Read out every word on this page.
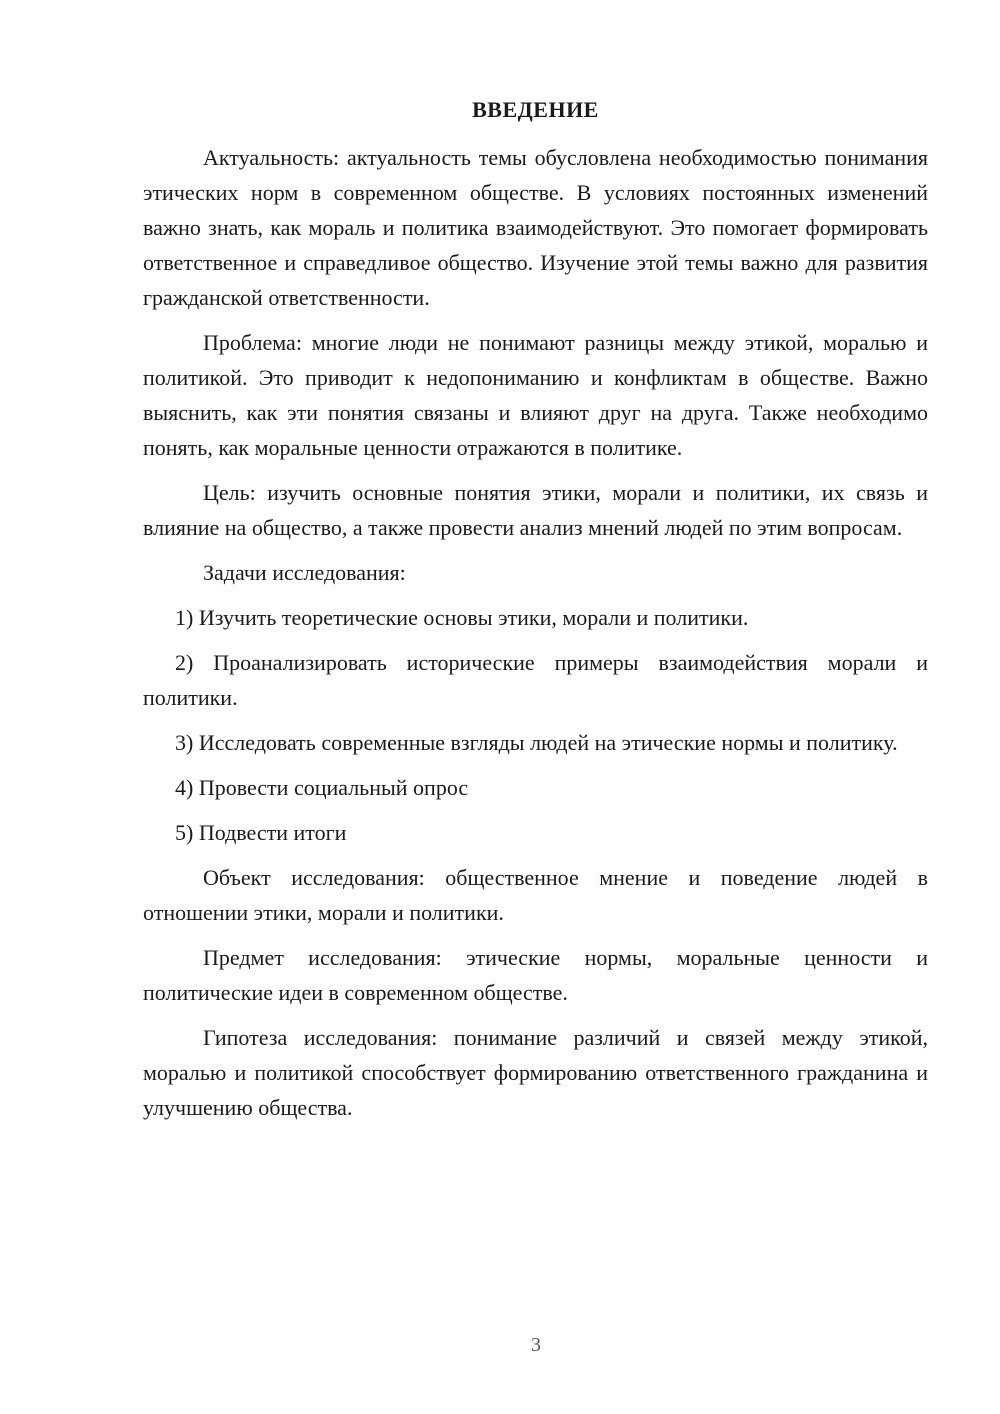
ВВЕДЕНИЕ

Актуальность: актуальность темы обусловлена необходимостью понимания этических норм в современном обществе. В условиях постоянных изменений важно знать, как мораль и политика взаимодействуют. Это помогает формировать ответственное и справедливое общество. Изучение этой темы важно для развития гражданской ответственности.

Проблема: многие люди не понимают разницы между этикой, моралью и политикой. Это приводит к недопониманию и конфликтам в обществе. Важно выяснить, как эти понятия связаны и влияют друг на друга. Также необходимо понять, как моральные ценности отражаются в политике.

Цель: изучить основные понятия этики, морали и политики, их связь и влияние на общество, а также провести анализ мнений людей по этим вопросам.

Задачи исследования:

1) Изучить теоретические основы этики, морали и политики.

2) Проанализировать исторические примеры взаимодействия морали и политики.

3) Исследовать современные взгляды людей на этические нормы и политику.

4) Провести социальный опрос

5) Подвести итоги

Объект исследования: общественное мнение и поведение людей в отношении этики, морали и политики.

Предмет исследования: этические нормы, моральные ценности и политические идеи в современном обществе.

Гипотеза исследования: понимание различий и связей между этикой, моралью и политикой способствует формированию ответственного гражданина и улучшению общества.

3
